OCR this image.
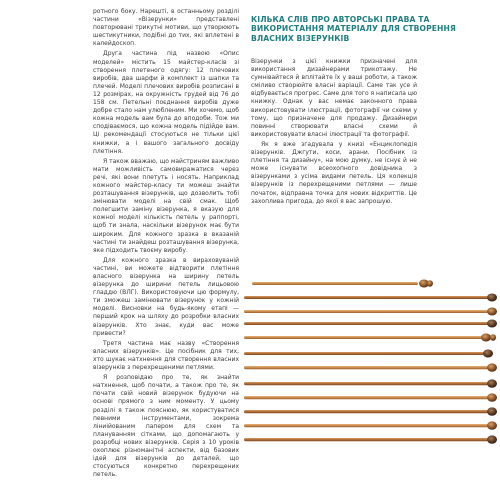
ротного боку. Нарешті, в останньому розділі частини «Візерунки» представлені повторювані трикутні мотиви, що утворюють шестикутники, подібні до тих, які вплетені в калейдоскоп.

Друга частина під назвою «Опис моделей» містить 15 майстер-класів зі створення плетеного одягу: 12 плечових виробів, два шарфи й комплект із шапки та плечей. Моделі плечових виробів розписані в 12 розмірах, на окружність грудей від 76 до 158 см. Петельні поєднання виробів дуже добре стало нам улюбленим. Ми хочемо, щоб кожна модель вам була до вподоби. Тож ми сподіваємося, що кожна модель підійде вам. Ці рекомендації стосуються не тільки цієї книжки, а і вашого загального досвіду плетіння.

Я також вважаю, що майстриням важливо мати можливість самовиражатися через речі, які вони плетуть і носять. Наприклад кожного майстер-класу ти можеш знайти розташування візерунків, що дозволить тобі змінювати моделі на свій смак. Щоб полегшити заміну візерунка, я вказую для кожної моделі кількість петель у раппорті, щоб ти знала, наскільки візерунок має бути широким. Для кожного зразка в вказаній частині ти знайдеш розташування візерунка, яке підходить твоєму виробу.

Для кожного зразка в вираховуваній частині, ви можете відтворити плетіння власного візерунка на ширину петель візерунка до ширини петель лицьовою гладдю (ВЛГ). Використовуючи цю формулу, ти зможеш замінювати візерунок у кожній моделі. Висновки на будь-якому етапі — перший крок на шляху до розробки власних візерунків. Хто знає, куди вас може привести?

Третя частина має назву «Створення власних візерунків». Це посібник для тих, хто шукає натхнення для створення власних візерунків з перехрещеними петлями.

Я розповідаю про те, як знайти натхнення, щоб почати, а також про те, як почати свій новий візерунок будуючи на основі прямого з ним моменту. У цьому розділі я також пояснюю, як користуватися певними інструментами, зокрема ліниійованим папером для схем та плануванням сітками, що допомагають у розробці нових візерунків. Серія з 10 уроків охоплює різноманітні аспекти, від базових ідей для візерунків до деталей, що стосуються конкретно перехрещених петель.

КІЛЬКА СЛІВ ПРО АВТОРСЬКІ ПРАВА ТА ВИКОРИСТАННЯ МАТЕРІАЛУ ДЛЯ СТВОРЕННЯ ВЛАСНИХ ВІЗЕРУНКІВ

Візерунки з цієї книжки призначені для використання дизайнерами трикотажу. Не сумнівайтеся й вплітайте їх у ваші роботи, а також сміливо створюйте власні варіації. Саме так усе й відбувається прогрес. Саме для того я написала цю книжку. Однак у вас немає законного права використовувати ілюстрації, фотографії чи схеми у тому, що призначене для продажу. Дизайнери повинні створювати власні схеми й використовувати власні ілюстрації та фотографії.

Як я вже згадувала у книзі «Енциклопедія візерунків. Джгути, коси, арани. Посібник із плетіння та дизайну», на мою думку, не існує й не може існувати всеохопного довідника з візерунками з усіма видами петель. Ця колекція візерунків із перехрещеними петлями — лише початок, відправна точка для нових відкриттів. Це захоплива пригода, до якої я вас запрошую.
